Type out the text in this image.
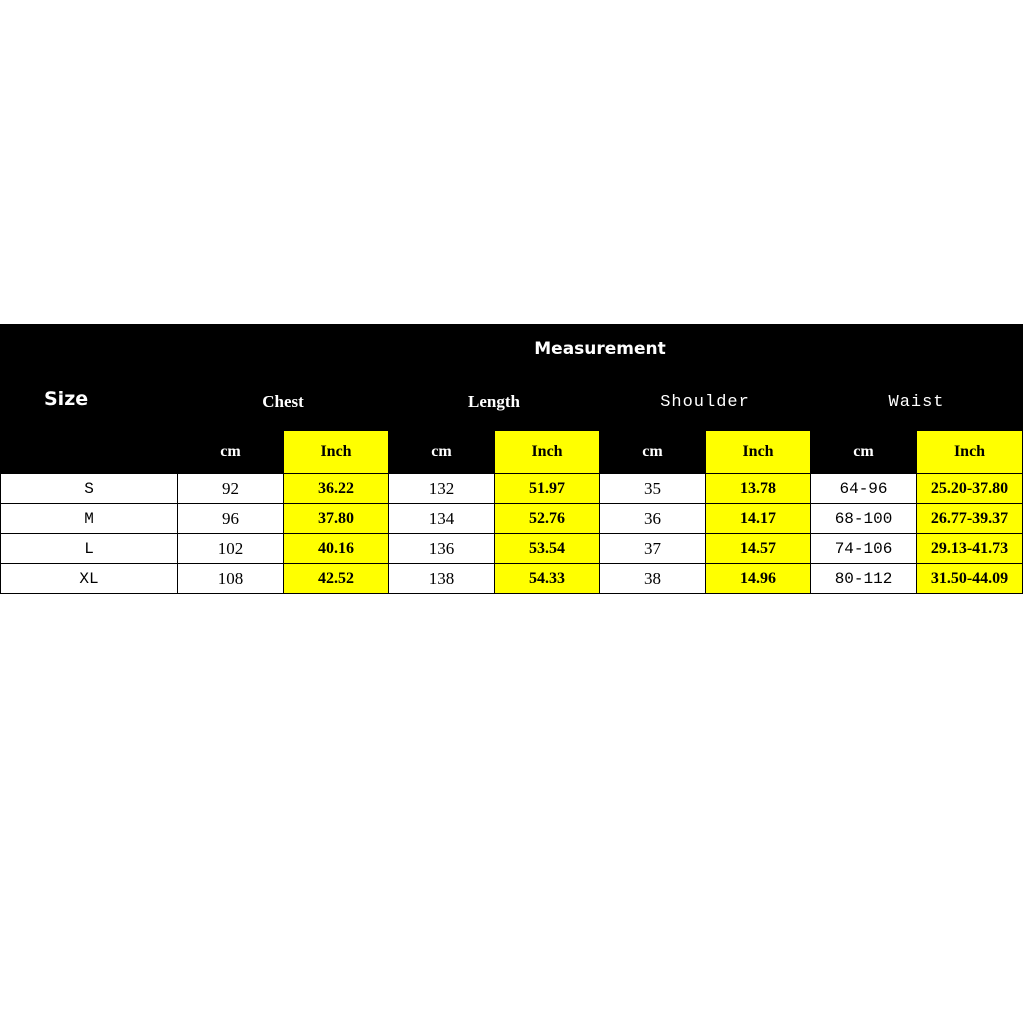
Size	Measurement							
	Chest		Length		Shoulder		Waist	
	cm	Inch	cm	Inch	cm	Inch	cm	Inch
S	92	36.22	132	51.97	35	13.78	64-96	25.20-37.80
M	96	37.80	134	52.76	36	14.17	68-100	26.77-39.37
L	102	40.16	136	53.54	37	14.57	74-106	29.13-41.73
XL	108	42.52	138	54.33	38	14.96	80-112	31.50-44.09
